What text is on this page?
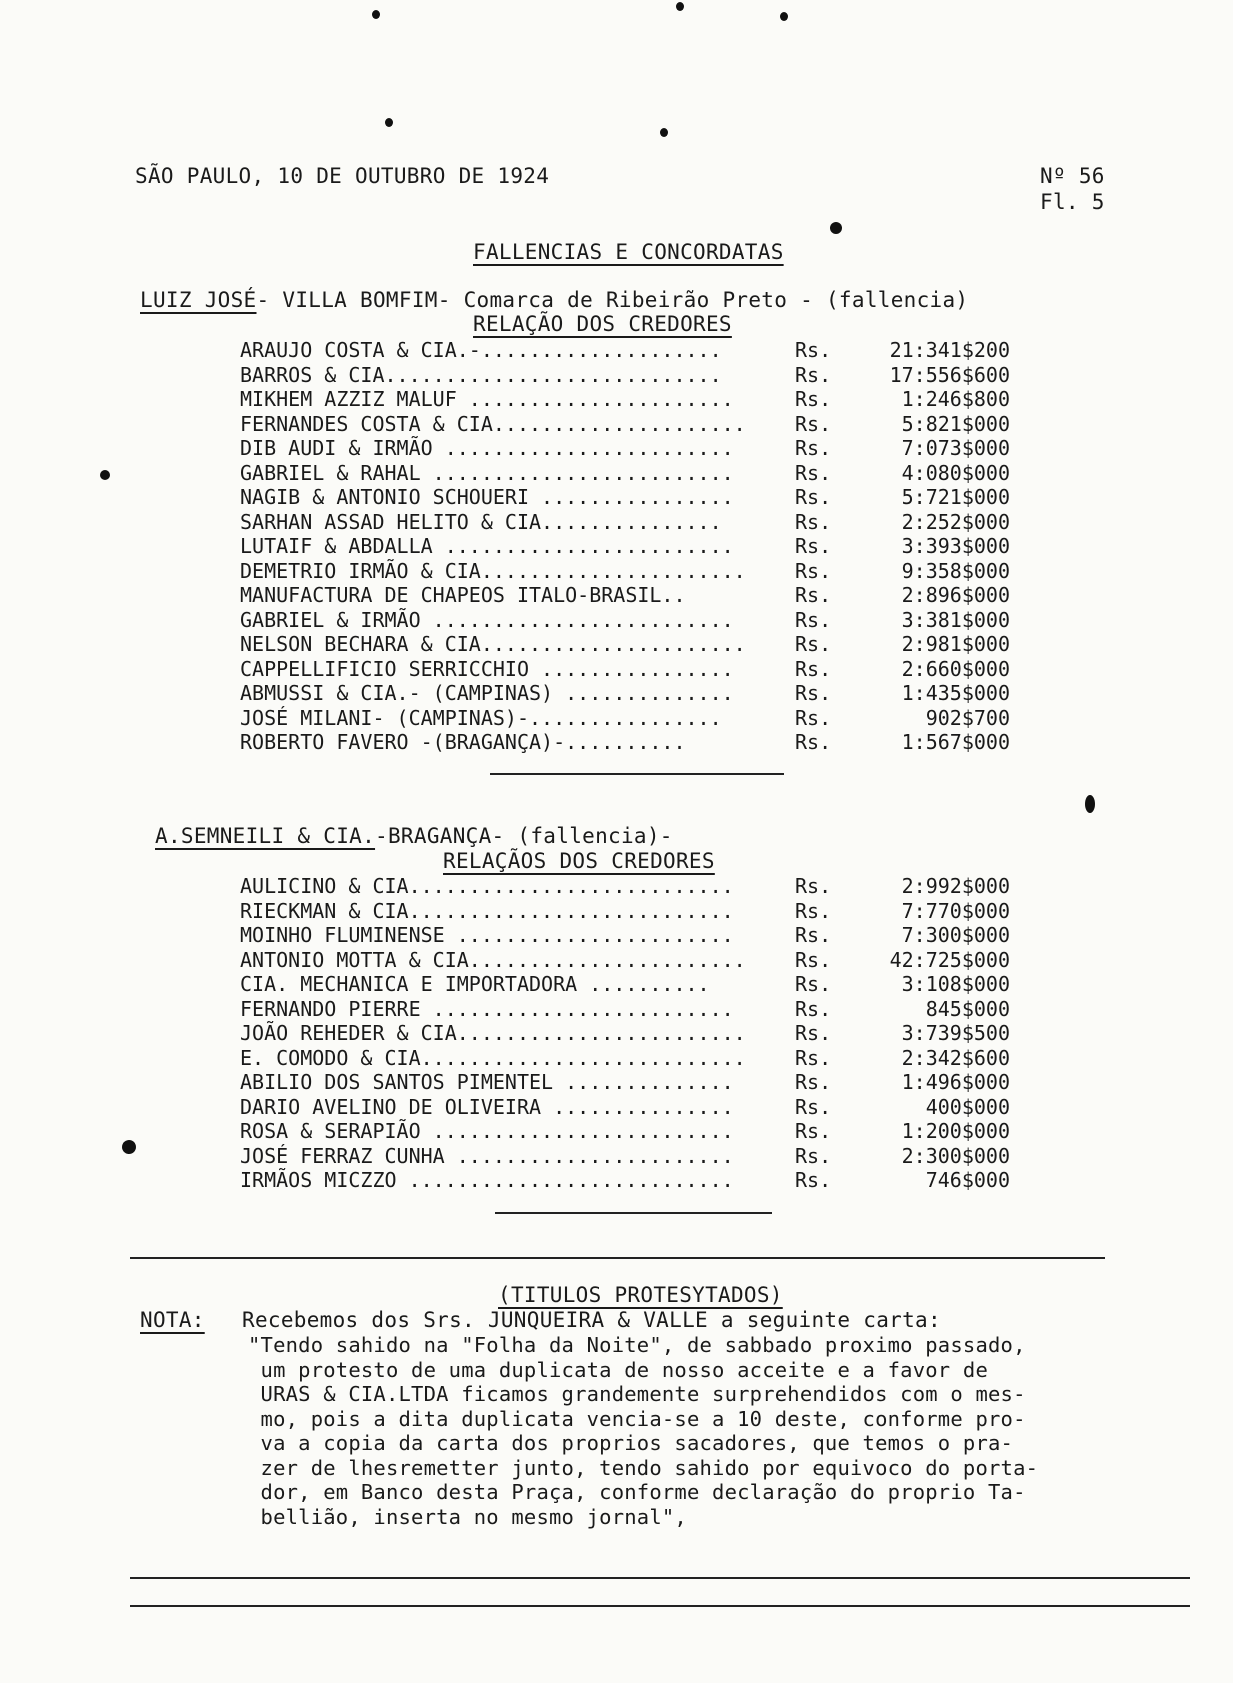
SÃO PAULO, 10 DE OUTUBRO DE 1924	Nº 56
Fl. 5
FALLENCIAS E CONCORDATAS
LUIZ JOSÉ- VILLA BOMFIM- Comarca de Ribeirão Preto - (fallencia)
RELAÇÃO DOS CREDORES
ARAUJO COSTA & CIA.-....................	Rs.	21:341$200
BARROS & CIA............................	Rs.	17:556$600
MIKHEM AZZIZ MALUF ......................	Rs.	1:246$800
FERNANDES COSTA & CIA..................... Rs.	5:821$000
DIB AUDI & IRMÃO ........................	Rs.	7:073$000
GABRIEL & RAHAL .........................	Rs.	4:080$000
NAGIB & ANTONIO SCHOUERI ................	Rs.	5:721$000
SARHAN ASSAD HELITO & CIA...............	Rs.	2:252$000
LUTAIF & ABDALLA ........................	Rs.	3:393$000
DEMETRIO IRMÃO & CIA...................... Rs.	9:358$000
MANUFACTURA DE CHAPEOS ITALO-BRASIL..	Rs.	2:896$000
GABRIEL & IRMÃO .........................	Rs.	3:381$000
NELSON BECHARA & CIA...................... Rs.	2:981$000
CAPPELLIFICIO SERRICCHIO ................	Rs.	2:660$000
ABMUSSI & CIA.- (CAMPINAS) ..............	Rs.	1:435$000
JOSÉ MILANI- (CAMPINAS)-................	Rs.	902$700
ROBERTO FAVERO -(BRAGANÇA)-..........	Rs.	1:567$000
A.SEMNEILI & CIA.-BRAGANÇA- (fallencia)-
RELAÇÃOS DOS CREDORES
AULICINO & CIA...........................	Rs.	2:992$000
RIECKMAN & CIA...........................	Rs.	7:770$000
MOINHO FLUMINENSE .......................	Rs.	7:300$000
ANTONIO MOTTA & CIA....................... Rs.	42:725$000
CIA. MECHANICA E IMPORTADORA ..........	Rs.	3:108$000
FERNANDO PIERRE .........................	Rs.	845$000
JOÃO REHEDER & CIA........................ Rs.	3:739$500
E. COMODO & CIA........................... Rs.	2:342$600
ABILIO DOS SANTOS PIMENTEL ..............	Rs.	1:496$000
DARIO AVELINO DE OLIVEIRA ...............	Rs.	400$000
ROSA & SERAPIÃO .........................	Rs.	1:200$000
JOSÉ FERRAZ CUNHA .......................	Rs.	2:300$000
IRMÃOS MICZZO ...........................	Rs.	746$000
(TITULOS PROTESYTADOS)
NOTA: Recebemos dos Srs. JUNQUEIRA & VALLE a seguinte carta:
"Tendo sahido na "Folha da Noite", de sabbado proximo passado,
um protesto de uma duplicata de nosso acceite e a favor de
URAS & CIA.LTDA ficamos grandemente surprehendidos com o mes-
mo, pois a dita duplicata vencia-se a 10 deste, conforme pro-
va a copia da carta dos proprios sacadores, que temos o pra-
zer de lhesremetter junto, tendo sahido por equivoco do porta-
dor, em Banco desta Praça, conforme declaração do proprio Ta-
bellião, inserta no mesmo jornal",
